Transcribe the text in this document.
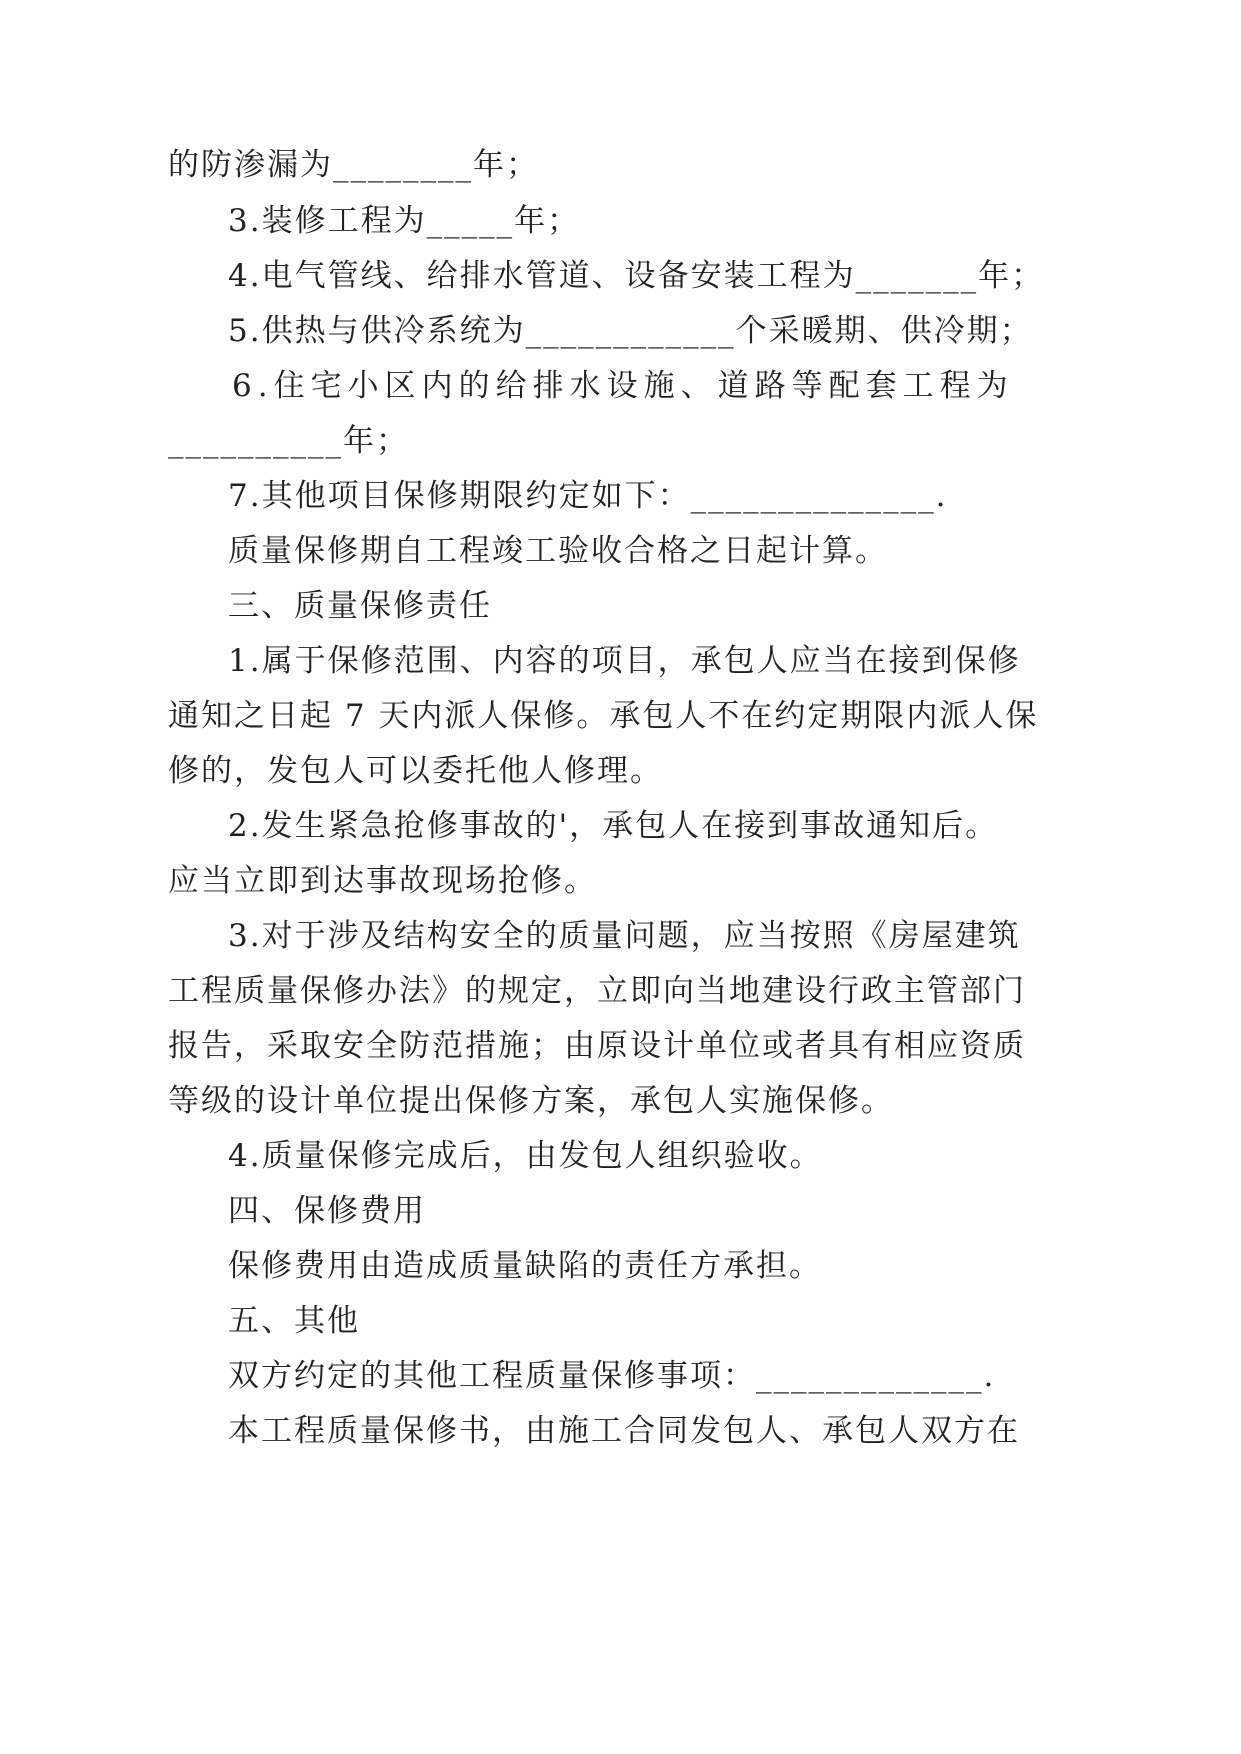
的防渗漏为________年；
3.装修工程为_____年；
4.电气管线、给排水管道、设备安装工程为_______年；
5.供热与供冷系统为____________个采暖期、供冷期；
6.住宅小区内的给排水设施、道路等配套工程为
__________年；
7.其他项目保修期限约定如下：______________.
质量保修期自工程竣工验收合格之日起计算。
三、质量保修责任
1.属于保修范围、内容的项目，承包人应当在接到保修
通知之日起 7 天内派人保修。承包人不在约定期限内派人保
修的，发包人可以委托他人修理。
2.发生紧急抢修事故的'，承包人在接到事故通知后。
应当立即到达事故现场抢修。
3.对于涉及结构安全的质量问题，应当按照《房屋建筑
工程质量保修办法》的规定，立即向当地建设行政主管部门
报告，采取安全防范措施；由原设计单位或者具有相应资质
等级的设计单位提出保修方案，承包人实施保修。
4.质量保修完成后，由发包人组织验收。
四、保修费用
保修费用由造成质量缺陷的责任方承担。
五、其他
双方约定的其他工程质量保修事项：_____________.
本工程质量保修书，由施工合同发包人、承包人双方在
